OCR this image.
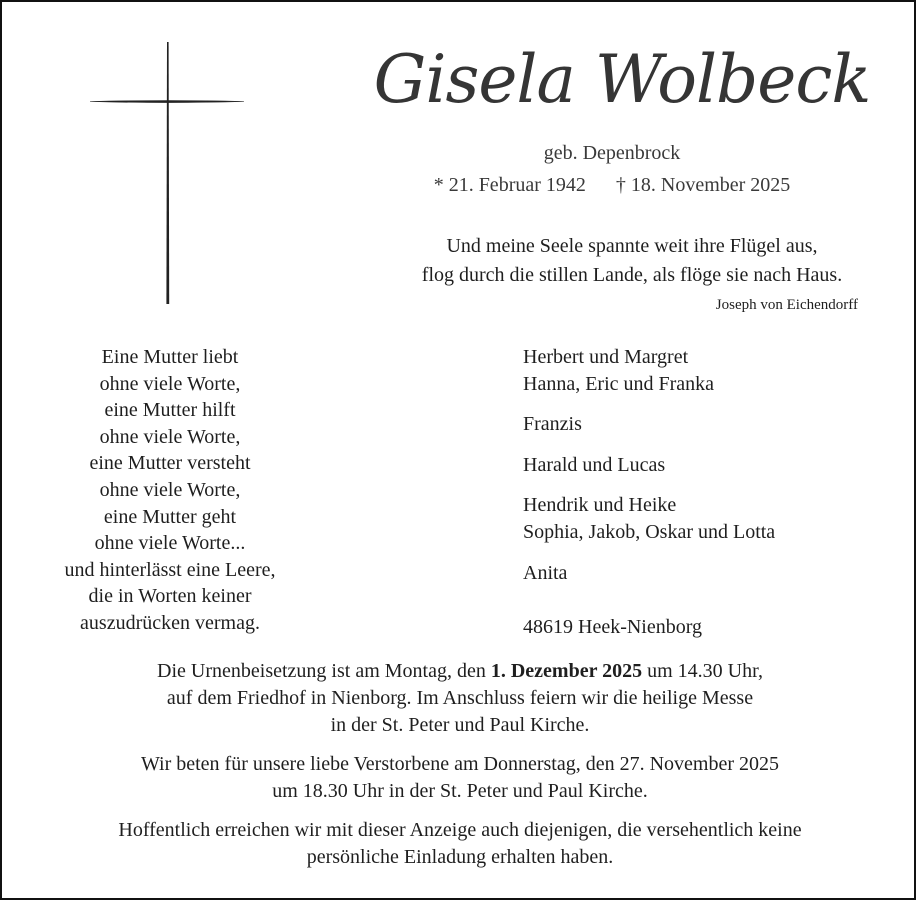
Gisela Wolbeck
geb. Depenbrock
* 21. Februar 1942 † 18. November 2025
Und meine Seele spannte weit ihre Flügel aus,
flog durch die stillen Lande, als flöge sie nach Haus.
Joseph von Eichendorff
Eine Mutter liebt
ohne viele Worte,
eine Mutter hilft
ohne viele Worte,
eine Mutter versteht
ohne viele Worte,
eine Mutter geht
ohne viele Worte...
und hinterlässt eine Leere,
die in Worten keiner
auszudrücken vermag.
Herbert und Margret
Hanna, Eric und Franka
Franzis
Harald und Lucas
Hendrik und Heike
Sophia, Jakob, Oskar und Lotta
Anita
48619 Heek-Nienborg
Die Urnenbeisetzung ist am Montag, den 1. Dezember 2025 um 14.30 Uhr,
auf dem Friedhof in Nienborg. Im Anschluss feiern wir die heilige Messe
in der St. Peter und Paul Kirche.
Wir beten für unsere liebe Verstorbene am Donnerstag, den 27. November 2025
um 18.30 Uhr in der St. Peter und Paul Kirche.
Hoffentlich erreichen wir mit dieser Anzeige auch diejenigen, die versehentlich keine
persönliche Einladung erhalten haben.
